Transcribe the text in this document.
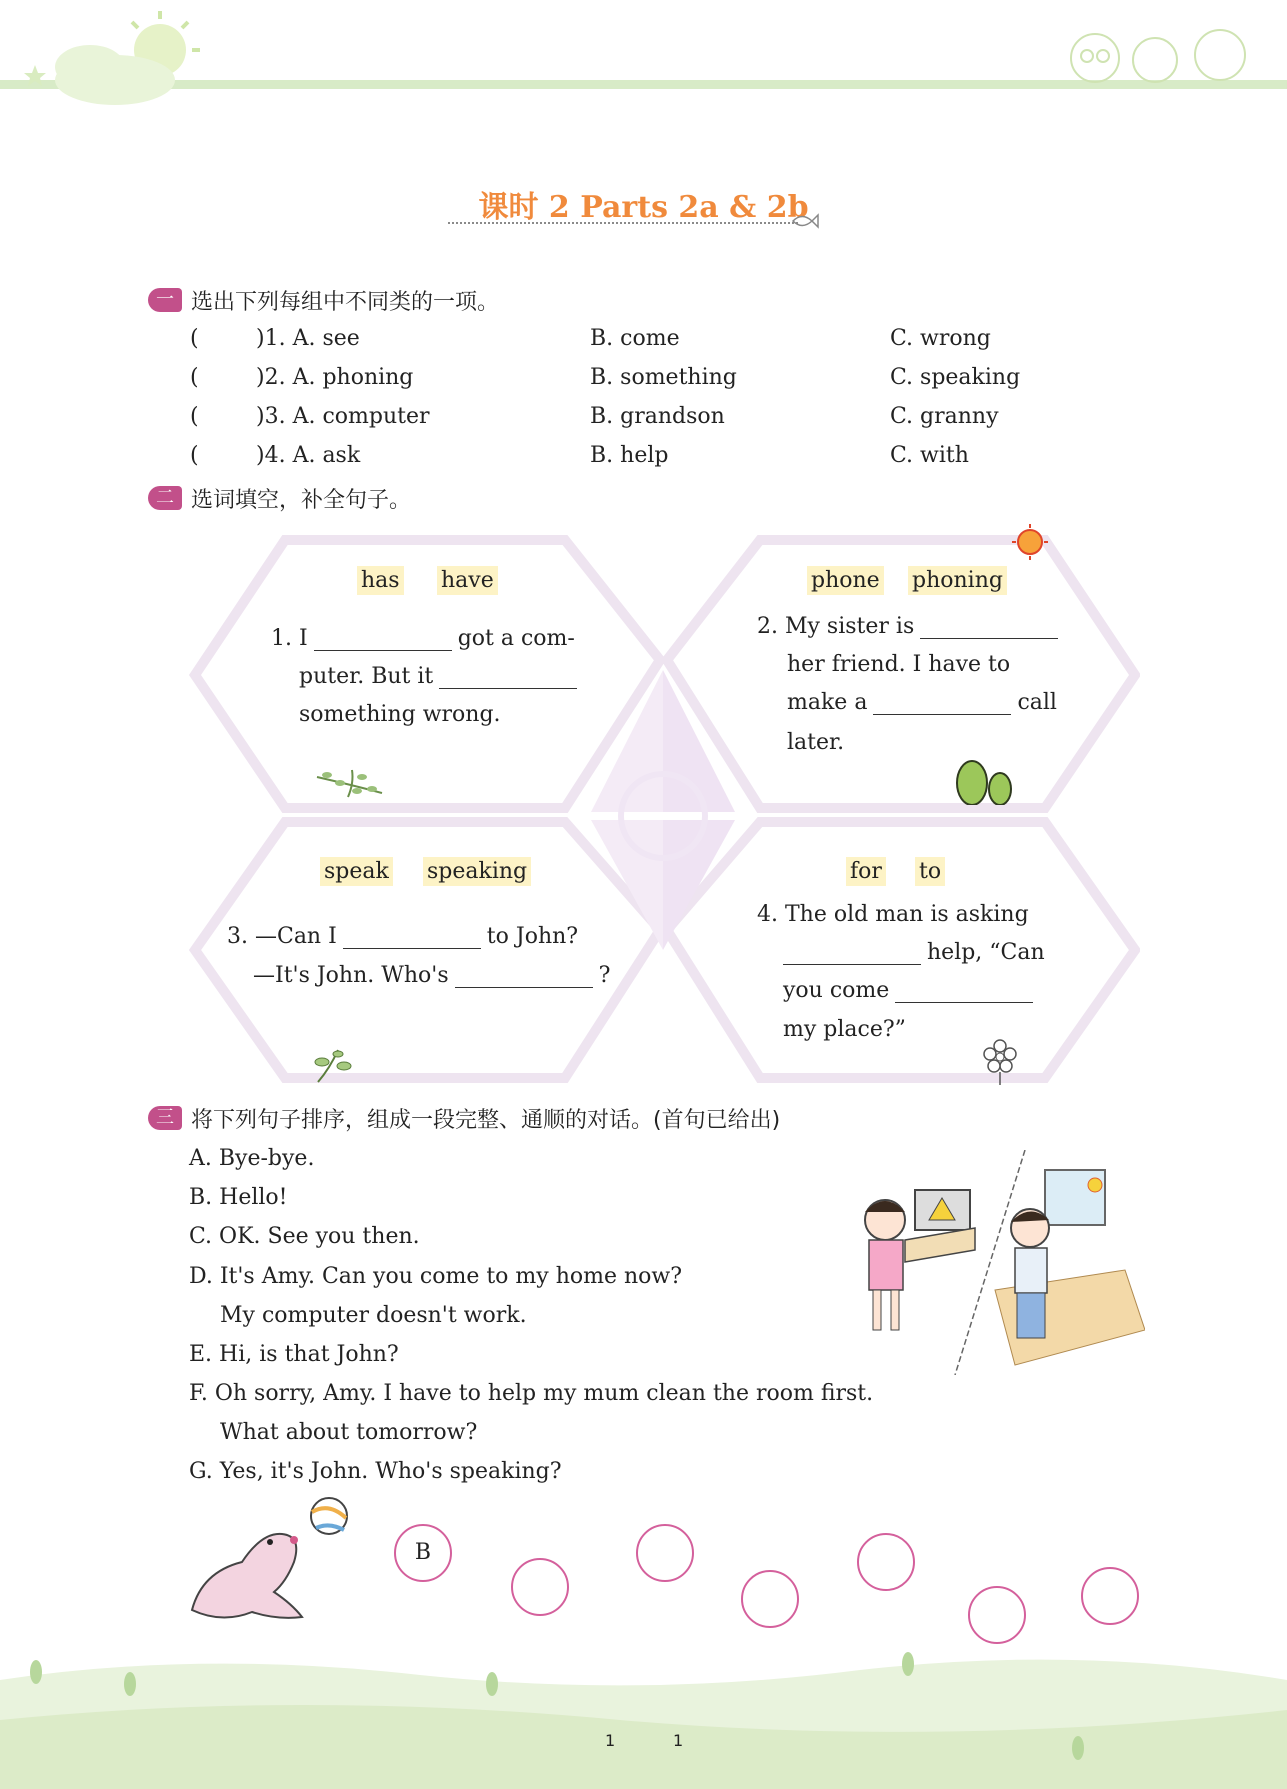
课时 2 Parts 2a & 2b
一 选出下列每组中不同类的一项。
(	)1. A. see	B. come	C. wrong
(	)2. A. phoning	B. something	C. speaking
(	)3. A. computer	B. grandson	C. granny
(	)4. A. ask	B. help	C. with
二 选词填空，补全句子。
has have
1. I	got a com-
puter. But it
something wrong.
phone phoning
2. My sister is
her friend. I have to
make a	call
later.
speak speaking
3. —Can I	to John?
—It's John. Who's	?
for to
4. The old man is asking
help, “Can
you come
my place?”
三 将下列句子排序，组成一段完整、通顺的对话。(首句已给出)
A. Bye-bye.
B. Hello!
C. OK. See you then.
D. It's Amy. Can you come to my home now?
My computer doesn't work.
E. Hi, is that John?
F. Oh sorry, Amy. I have to help my mum clean the room first.
What about tomorrow?
G. Yes, it's John. Who's speaking?
B
1	1
